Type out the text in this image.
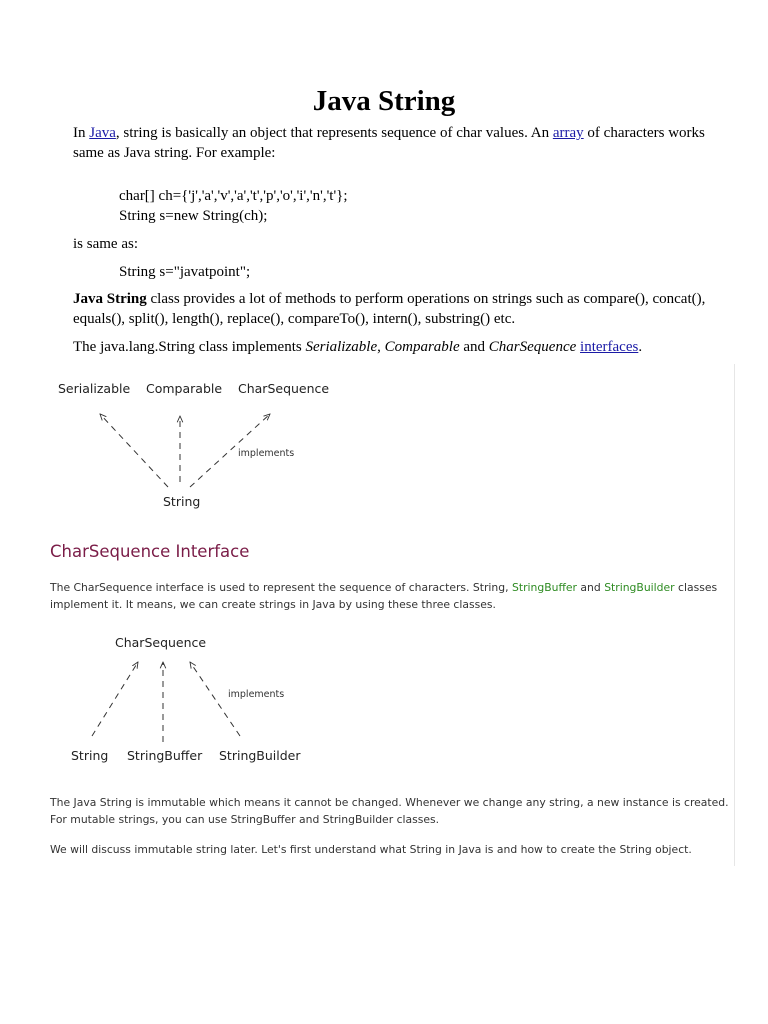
Java String
In Java, string is basically an object that represents sequence of char values. An array of characters works same as Java string. For example:
char[] ch={'j','a','v','a','t','p','o','i','n','t'};
String s=new String(ch);
is same as:
String s="javatpoint";
Java String class provides a lot of methods to perform operations on strings such as compare(), concat(), equals(), split(), length(), replace(), compareTo(), intern(), substring() etc.
The java.lang.String class implements Serializable, Comparable and CharSequence interfaces.
Serializable Comparable CharSequence
implements
String
CharSequence Interface
The CharSequence interface is used to represent the sequence of characters. String, StringBuffer and StringBuilder classes implement it. It means, we can create strings in Java by using these three classes.
CharSequence
implements
String StringBuffer StringBuilder
The Java String is immutable which means it cannot be changed. Whenever we change any string, a new instance is created. For mutable strings, you can use StringBuffer and StringBuilder classes.
We will discuss immutable string later. Let's first understand what String in Java is and how to create the String object.
